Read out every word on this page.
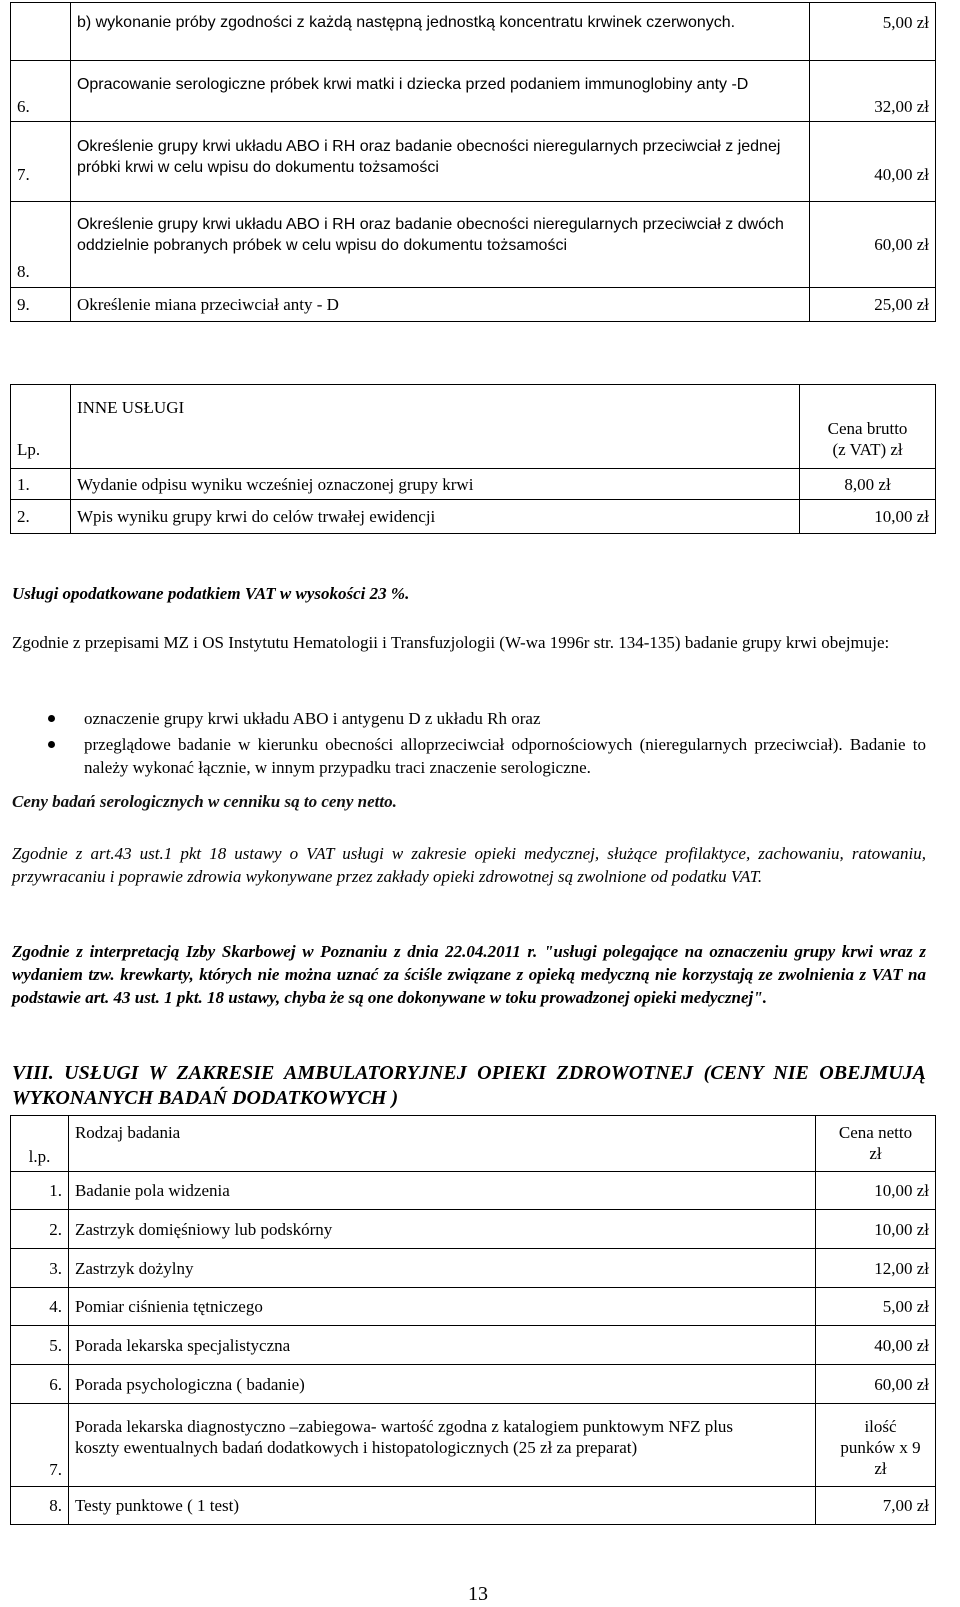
	b) wykonanie próby zgodności z każdą następną jednostką koncentratu krwinek czerwonych.	5,00 zł
6.	Opracowanie serologiczne próbek krwi matki i dziecka przed podaniem immunoglobiny anty -D	32,00 zł
7.	Określenie grupy krwi układu ABO i RH oraz badanie obecności nieregularnych przeciwciał z jednej próbki krwi w celu wpisu do dokumentu tożsamości	40,00 zł
8.	Określenie grupy krwi układu ABO i RH oraz badanie obecności nieregularnych przeciwciał z dwóch oddzielnie pobranych próbek w celu wpisu do dokumentu tożsamości	60,00 zł
9.	Określenie miana przeciwciał anty - D	25,00 zł
Lp.	INNE USŁUGI	Cena brutto
(z VAT) zł

1.	Wydanie odpisu wyniku wcześniej oznaczonej grupy krwi	8,00 zł
2.	Wpis wyniku grupy krwi do celów trwałej ewidencji	10,00 zł

Usługi opodatkowane podatkiem VAT w wysokości 23 %.

Zgodnie z przepisami MZ i OS Instytutu Hematologii i Transfuzjologii (W-wa 1996r str. 134-135) badanie grupy krwi obejmuje:

oznaczenie grupy krwi układu ABO i antygenu D z układu Rh oraz

przeglądowe badanie w kierunku obecności alloprzeciwciał odpornościowych (nieregularnych przeciwciał). Badanie to należy wykonać łącznie, w innym przypadku traci znaczenie serologiczne.

Ceny badań serologicznych w cenniku są to ceny netto.

Zgodnie z art.43 ust.1 pkt 18 ustawy o VAT usługi w zakresie opieki medycznej, służące profilaktyce, zachowaniu, ratowaniu, przywracaniu i poprawie zdrowia wykonywane przez zakłady opieki zdrowotnej są zwolnione od podatku VAT.

Zgodnie z interpretacją Izby Skarbowej w Poznaniu z dnia 22.04.2011 r. "usługi polegające na oznaczeniu grupy krwi wraz z wydaniem tzw. krewkarty, których nie można uznać za ściśle związane z opieką medyczną nie korzystają ze zwolnienia z VAT na podstawie art. 43 ust. 1 pkt. 18 ustawy, chyba że są one dokonywane w toku prowadzonej opieki medycznej".

VIII. USŁUGI W ZAKRESIE AMBULATORYJNEJ OPIEKI ZDROWOTNEJ (CENY NIE OBEJMUJĄ WYKONANYCH BADAŃ DODATKOWYCH )

l.p.	Rodzaj badania	Cena netto
zł

1.	Badanie pola widzenia	10,00 zł
2.	Zastrzyk domięśniowy lub podskórny	10,00 zł
3.	Zastrzyk dożylny	12,00 zł
4.	Pomiar ciśnienia tętniczego	5,00 zł
5.	Porada lekarska specjalistyczna	40,00 zł
6.	Porada psychologiczna ( badanie)	60,00 zł
7.	Porada lekarska diagnostyczno –zabiegowa- wartość zgodna z katalogiem punktowym NFZ plus koszty ewentualnych badań dodatkowych i histopatologicznych (25 zł za preparat)	ilość punków x 9 zł
8.	Testy punktowe ( 1 test)	7,00 zł
13
